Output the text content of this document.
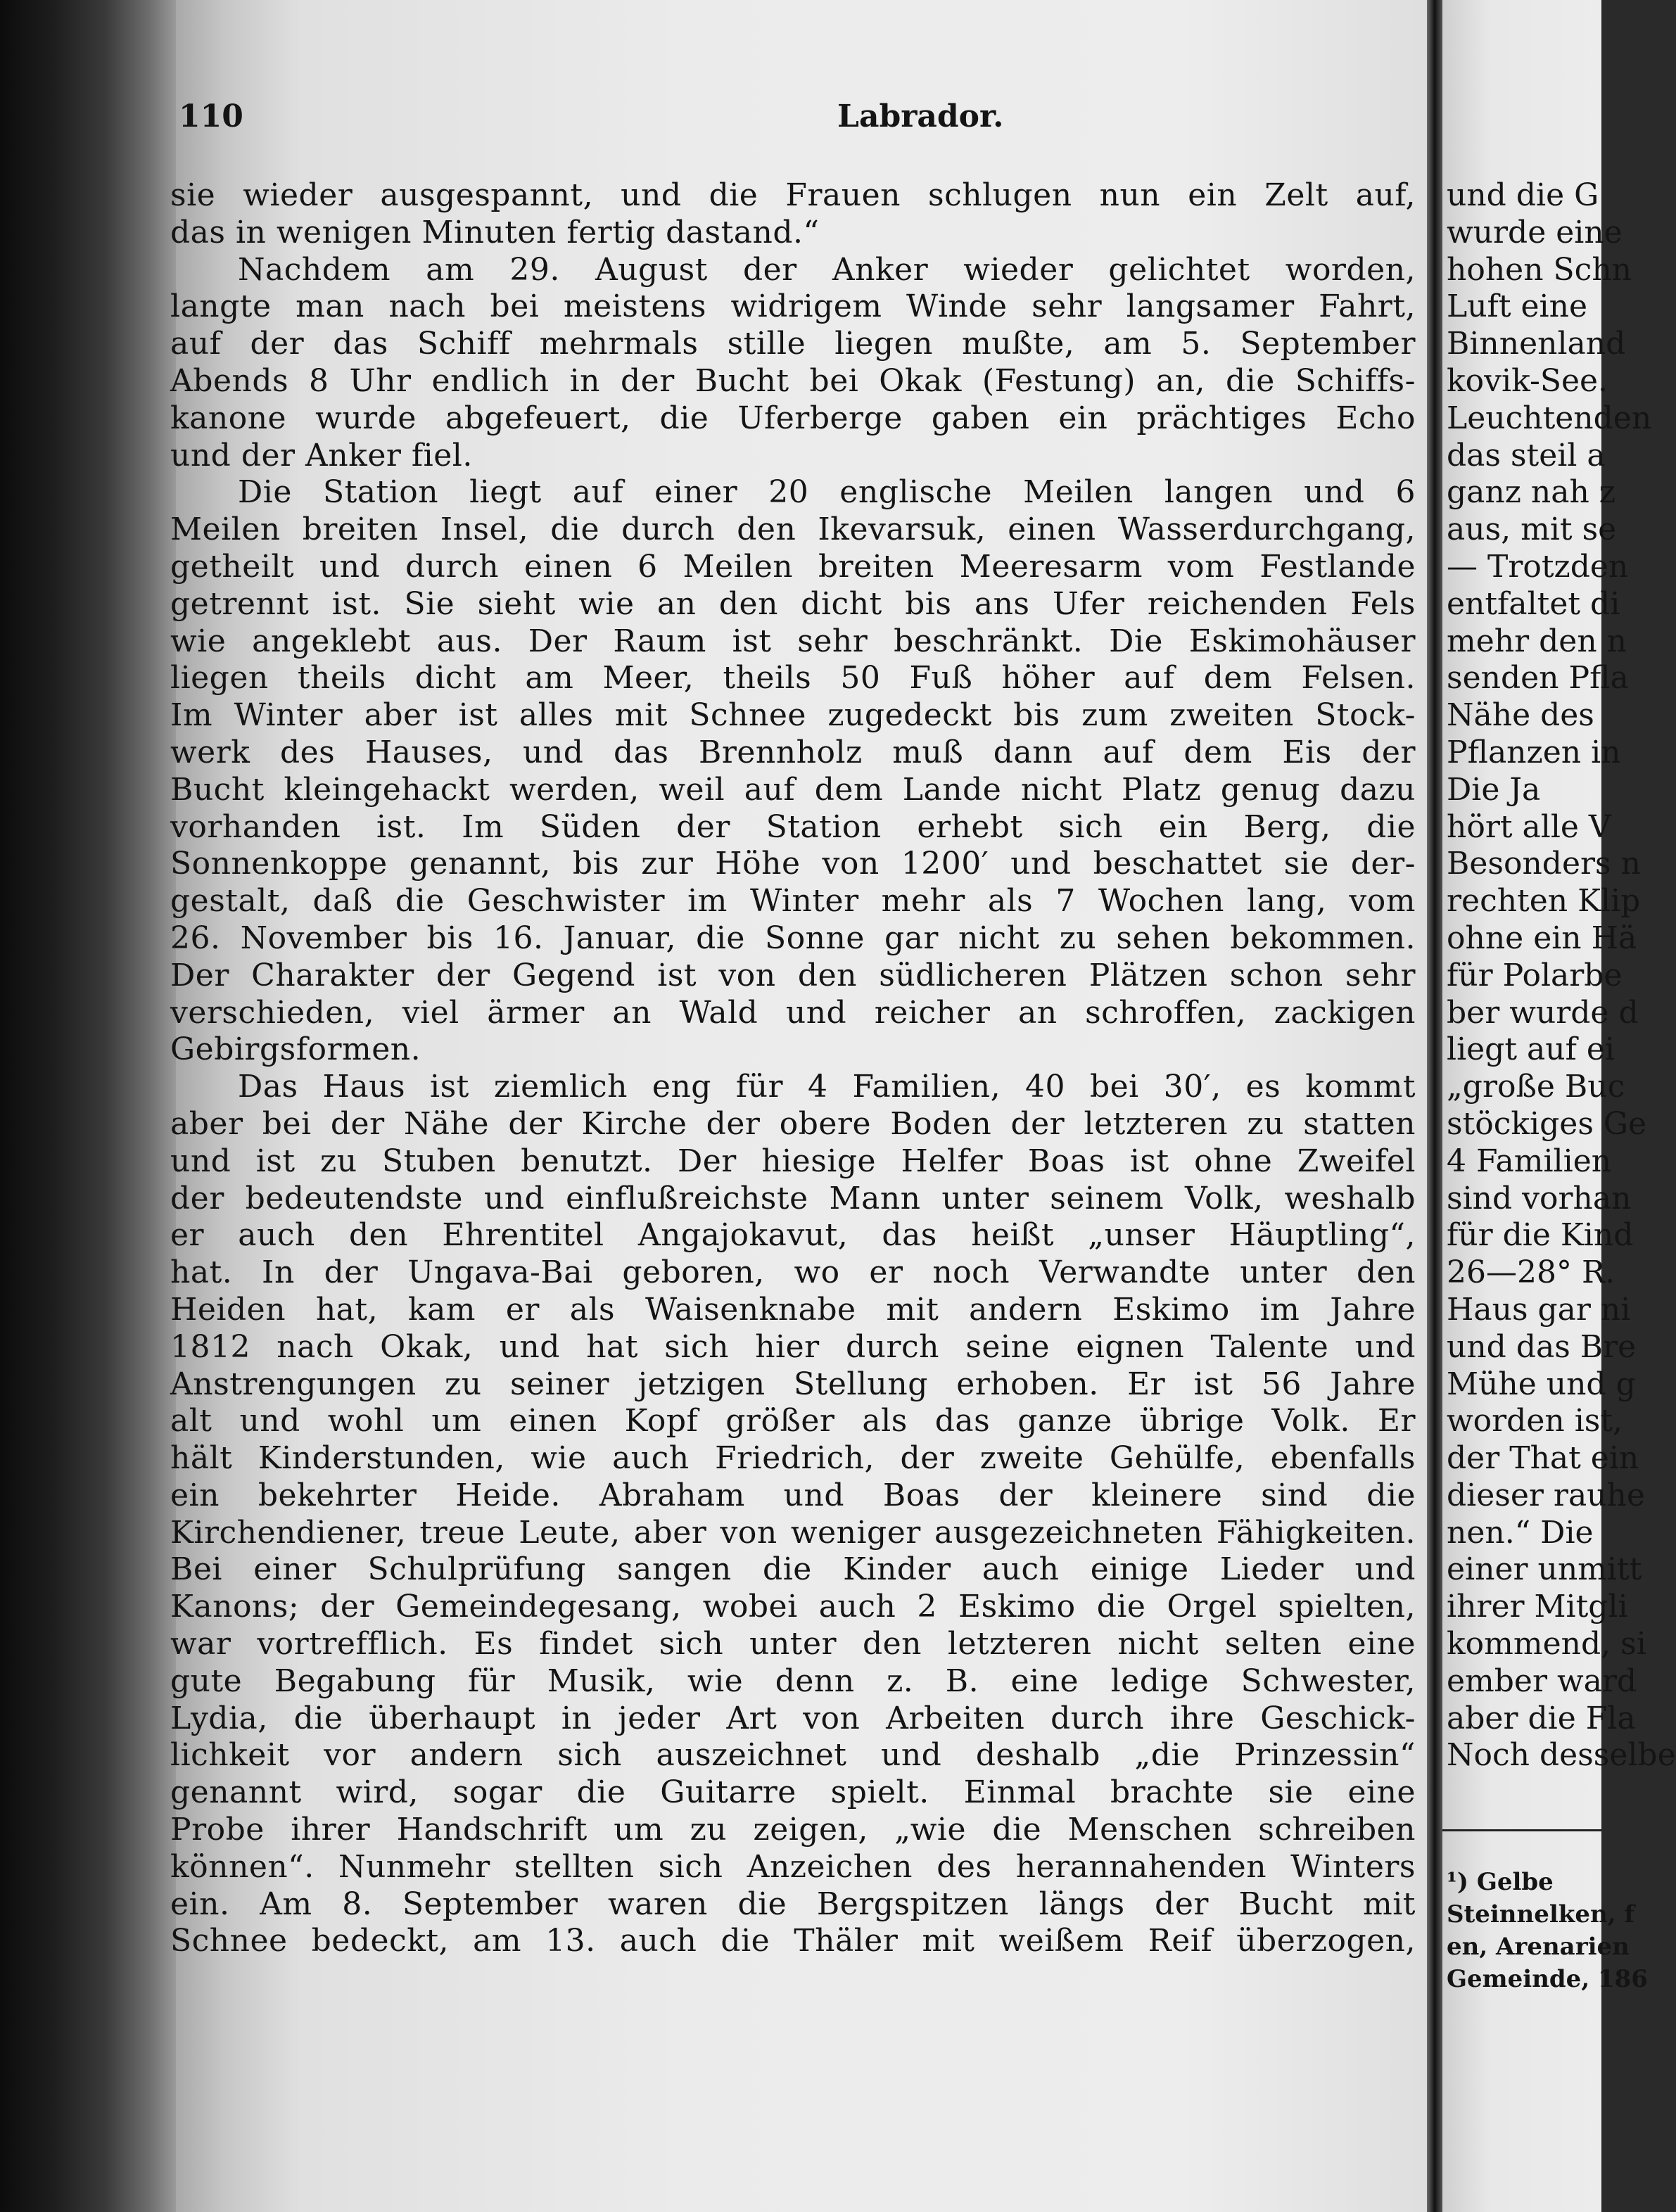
110	Labrador.
sie wieder ausgespannt, und die Frauen schlugen nun ein Zelt auf,
das in wenigen Minuten fertig dastand.“
Nachdem am 29. August der Anker wieder gelichtet worden,
langte man nach bei meistens widrigem Winde sehr langsamer Fahrt,
auf der das Schiff mehrmals stille liegen mußte, am 5. September
Abends 8 Uhr endlich in der Bucht bei Okak (Festung) an, die Schiffs-
kanone wurde abgefeuert, die Uferberge gaben ein prächtiges Echo
und der Anker fiel.
Die Station liegt auf einer 20 englische Meilen langen und 6
Meilen breiten Insel, die durch den Ikevarsuk, einen Wasserdurchgang,
getheilt und durch einen 6 Meilen breiten Meeresarm vom Festlande
getrennt ist. Sie sieht wie an den dicht bis ans Ufer reichenden Fels
wie angeklebt aus. Der Raum ist sehr beschränkt. Die Eskimohäuser
liegen theils dicht am Meer, theils 50 Fuß höher auf dem Felsen.
Im Winter aber ist alles mit Schnee zugedeckt bis zum zweiten Stock-
werk des Hauses, und das Brennholz muß dann auf dem Eis der
Bucht kleingehackt werden, weil auf dem Lande nicht Platz genug dazu
vorhanden ist. Im Süden der Station erhebt sich ein Berg, die
Sonnenkoppe genannt, bis zur Höhe von 1200′ und beschattet sie der-
gestalt, daß die Geschwister im Winter mehr als 7 Wochen lang, vom
26. November bis 16. Januar, die Sonne gar nicht zu sehen bekommen.
Der Charakter der Gegend ist von den südlicheren Plätzen schon sehr
verschieden, viel ärmer an Wald und reicher an schroffen, zackigen
Gebirgsformen.
Das Haus ist ziemlich eng für 4 Familien, 40 bei 30′, es kommt
aber bei der Nähe der Kirche der obere Boden der letzteren zu statten
und ist zu Stuben benutzt. Der hiesige Helfer Boas ist ohne Zweifel
der bedeutendste und einflußreichste Mann unter seinem Volk, weshalb
er auch den Ehrentitel Angajokavut, das heißt „unser Häuptling“,
hat. In der Ungava-Bai geboren, wo er noch Verwandte unter den
Heiden hat, kam er als Waisenknabe mit andern Eskimo im Jahre
1812 nach Okak, und hat sich hier durch seine eignen Talente und
Anstrengungen zu seiner jetzigen Stellung erhoben. Er ist 56 Jahre
alt und wohl um einen Kopf größer als das ganze übrige Volk. Er
hält Kinderstunden, wie auch Friedrich, der zweite Gehülfe, ebenfalls
ein bekehrter Heide. Abraham und Boas der kleinere sind die
Kirchendiener, treue Leute, aber von weniger ausgezeichneten Fähigkeiten.
Bei einer Schulprüfung sangen die Kinder auch einige Lieder und
Kanons; der Gemeindegesang, wobei auch 2 Eskimo die Orgel spielten,
war vortrefflich. Es findet sich unter den letzteren nicht selten eine
gute Begabung für Musik, wie denn z. B. eine ledige Schwester,
Lydia, die überhaupt in jeder Art von Arbeiten durch ihre Geschick-
lichkeit vor andern sich auszeichnet und deshalb „die Prinzessin“
genannt wird, sogar die Guitarre spielt. Einmal brachte sie eine
Probe ihrer Handschrift um zu zeigen, „wie die Menschen schreiben
können“. Nunmehr stellten sich Anzeichen des herannahenden Winters
ein. Am 8. September waren die Bergspitzen längs der Bucht mit
Schnee bedeckt, am 13. auch die Thäler mit weißem Reif überzogen,
und die G
wurde eine
hohen Schn
Luft eine
Binnenland
kovik-See.
Leuchtenden
das steil a
ganz nah z
aus, mit se
— Trotzden
entfaltet di
mehr den n
senden Pfla
Nähe des
Pflanzen in
Die Ja
hört alle V
Besonders n
rechten Klip
ohne ein Hä
für Polarbe
ber wurde d
liegt auf ei
„große Buc
stöckiges Ge
4 Familien
sind vorhan
für die Kind
26—28° R.
Haus gar ni
und das Bre
Mühe und g
worden ist,
der That ein
dieser rauhe
nen.“ Die
einer unmitt
ihrer Mitgli
kommend, si
ember ward
aber die Fla
Noch desselbe
¹) Gelbe
Steinnelken, f
en, Arenarien
Gemeinde, 186
